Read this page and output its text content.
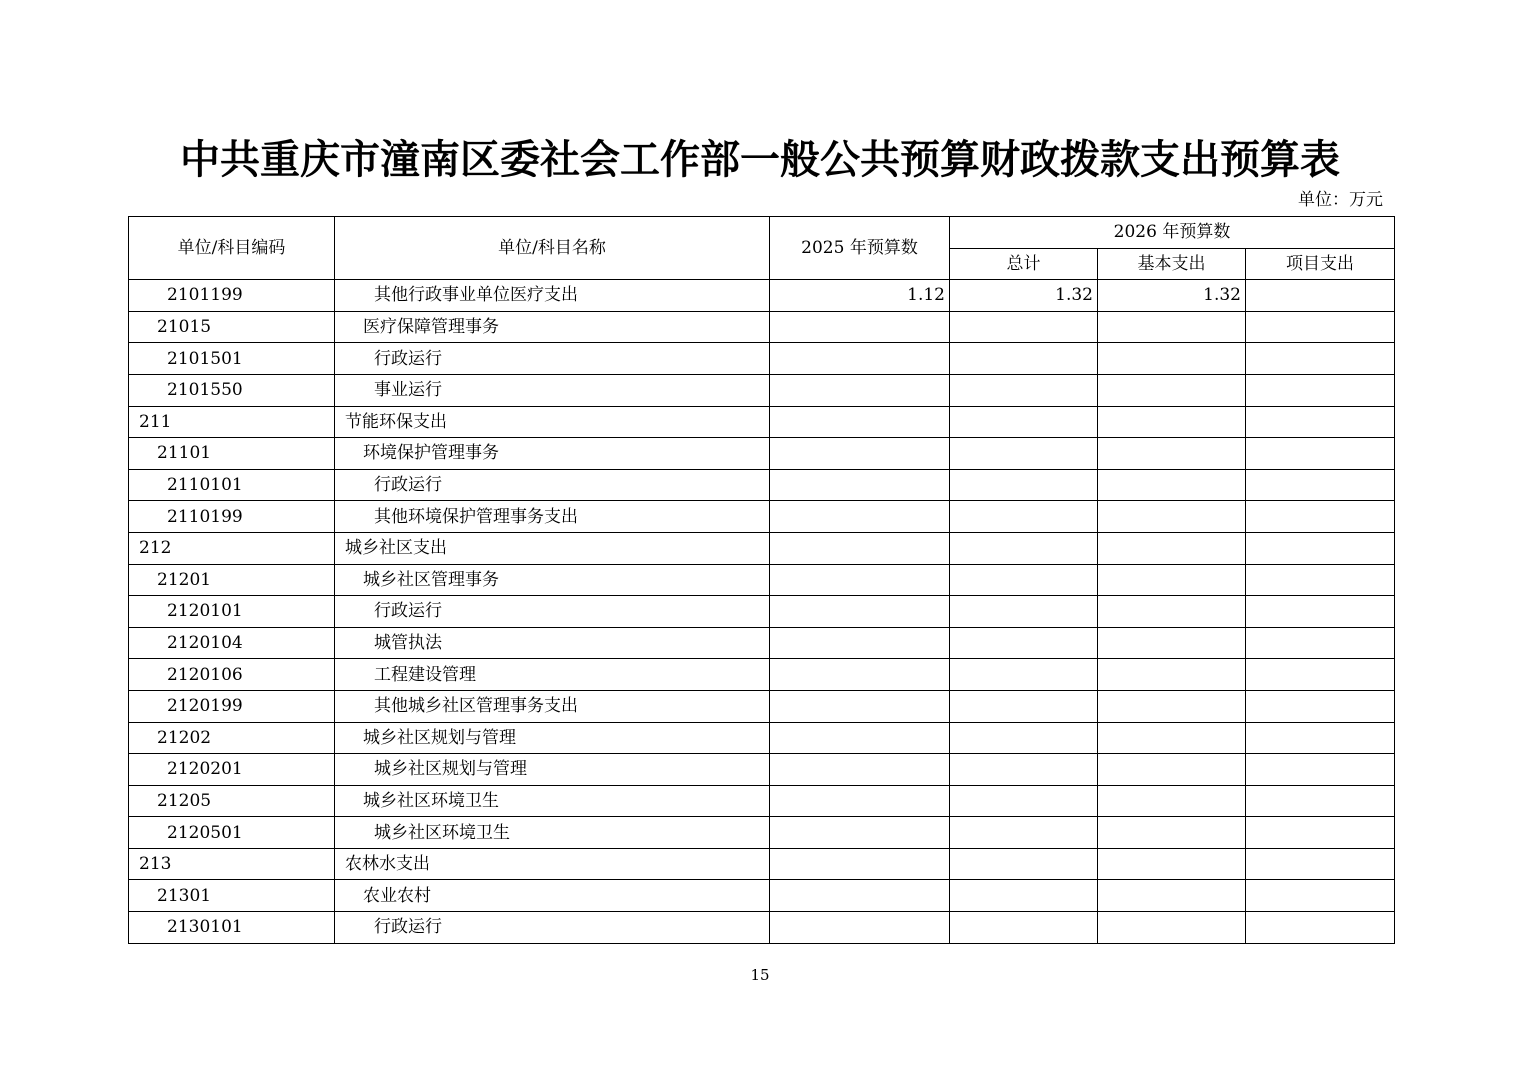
中共重庆市潼南区委社会工作部一般公共预算财政拨款支出预算表
单位：万元
单位/科目编码	单位/科目名称	2025 年预算数	2026 年预算数		
			总计	基本支出	项目支出
2101199	其他行政事业单位医疗支出	1.12	1.32	1.32	
21015	医疗保障管理事务				
2101501	行政运行				
2101550	事业运行				
211	节能环保支出				
21101	环境保护管理事务				
2110101	行政运行				
2110199	其他环境保护管理事务支出				
212	城乡社区支出				
21201	城乡社区管理事务				
2120101	行政运行				
2120104	城管执法				
2120106	工程建设管理				
2120199	其他城乡社区管理事务支出				
21202	城乡社区规划与管理				
2120201	城乡社区规划与管理				
21205	城乡社区环境卫生				
2120501	城乡社区环境卫生				
213	农林水支出				
21301	农业农村				
2130101	行政运行				
15
